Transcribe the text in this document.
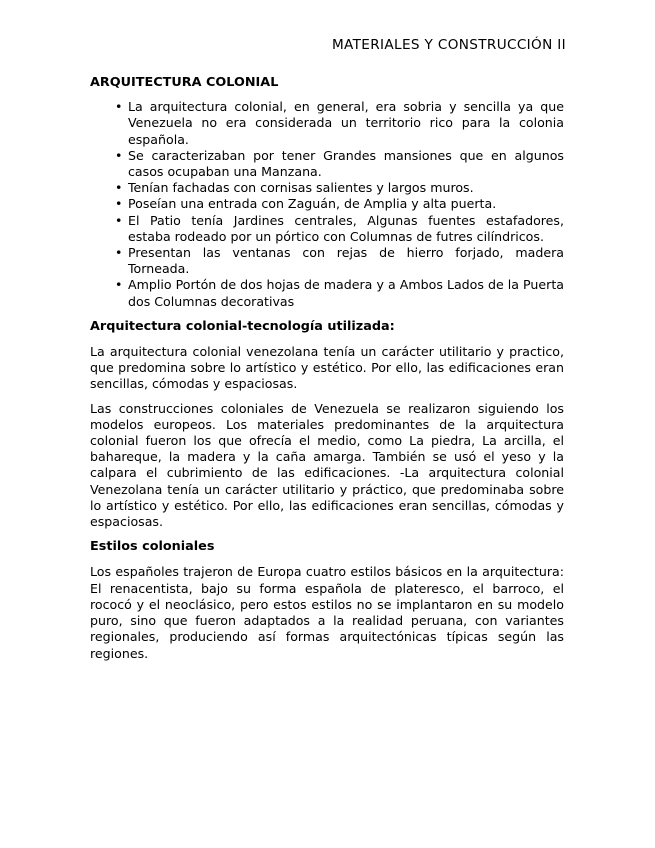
MATERIALES Y CONSTRUCCIÓN II
ARQUITECTURA COLONIAL
• La arquitectura colonial, en general, era sobria y sencilla ya que Venezuela no era considerada un territorio rico para la colonia española.
• Se caracterizaban por tener Grandes mansiones que en algunos casos ocupaban una Manzana.
• Tenían fachadas con cornisas salientes y largos muros.
• Poseían una entrada con Zaguán, de Amplia y alta puerta.
• El Patio tenía Jardines centrales, Algunas fuentes estafadores, estaba rodeado por un pórtico con Columnas de futres cilíndricos.
• Presentan las ventanas con rejas de hierro forjado, madera Torneada.
• Amplio Portón de dos hojas de madera y a Ambos Lados de la Puerta dos Columnas decorativas
Arquitectura colonial-tecnología utilizada:

La arquitectura colonial venezolana tenía un carácter utilitario y practico, que predomina sobre lo artístico y estético. Por ello, las edificaciones eran sencillas, cómodas y espaciosas.

Las construcciones coloniales de Venezuela se realizaron siguiendo los modelos europeos. Los materiales predominantes de la arquitectura colonial fueron los que ofrecía el medio, como La piedra, La arcilla, el bahareque, la madera y la caña amarga. También se usó el yeso y la calpara el cubrimiento de las edificaciones. -La arquitectura colonial Venezolana tenía un carácter utilitario y práctico, que predominaba sobre lo artístico y estético. Por ello, las edificaciones eran sencillas, cómodas y espaciosas.

Estilos coloniales

Los españoles trajeron de Europa cuatro estilos básicos en la arquitectura: El renacentista, bajo su forma española de plateresco, el barroco, el rococó y el neoclásico, pero estos estilos no se implantaron en su modelo puro, sino que fueron adaptados a la realidad peruana, con variantes regionales, produciendo así formas arquitectónicas típicas según las regiones.
